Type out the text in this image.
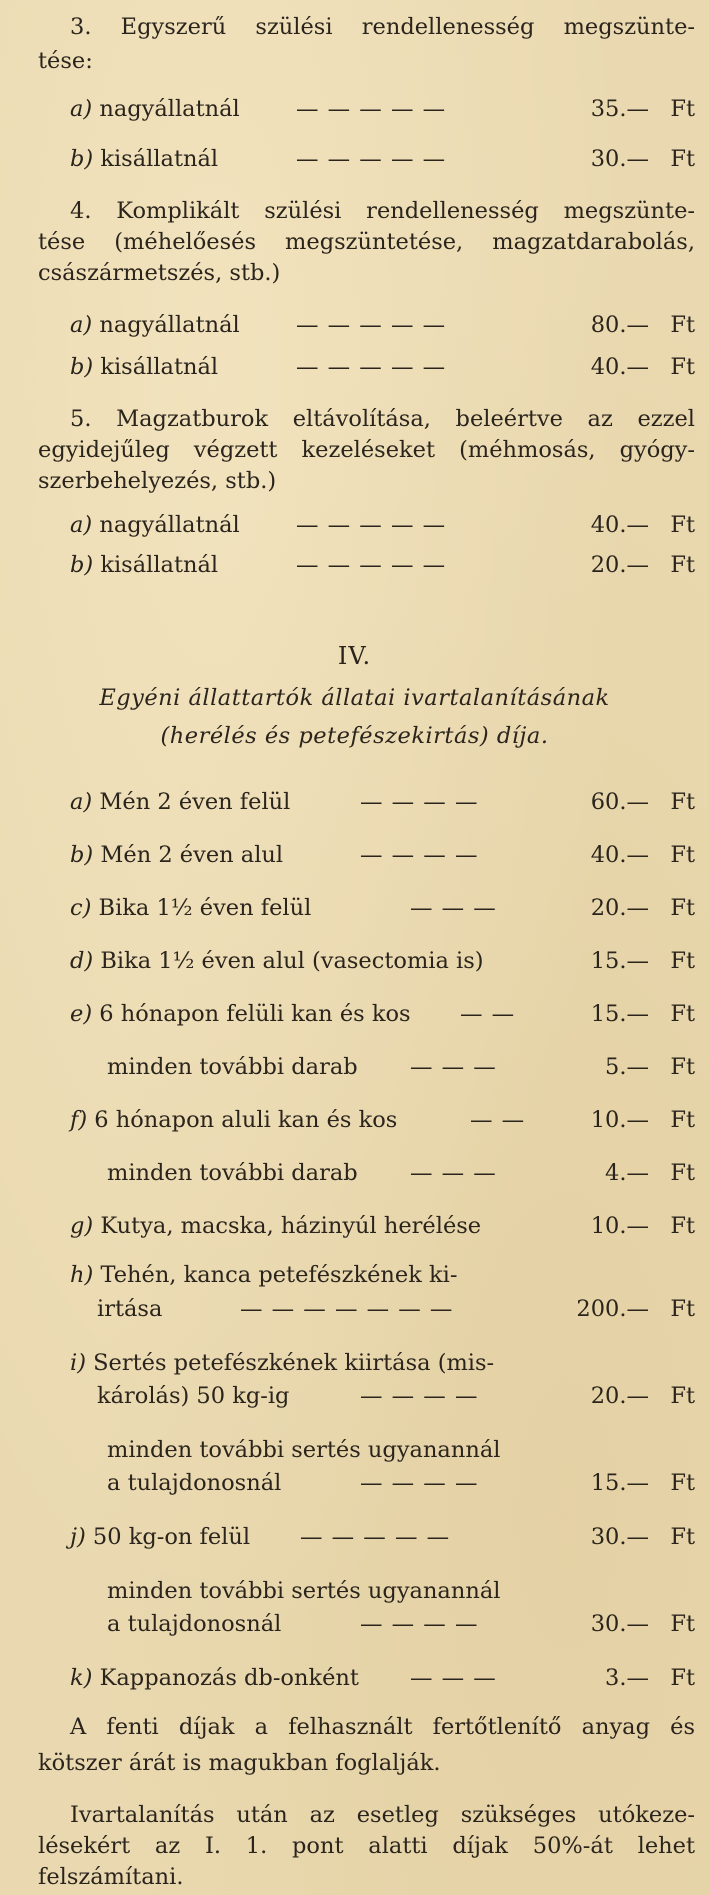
3. Egyszerű szülési rendellenesség megszünte-
tése:
a) nagyállatnál	— — — — —	35.— Ft
b) kisállatnál	— — — — —	30.— Ft
4. Komplikált szülési rendellenesség megszünte-
tése (méhelőesés megszüntetése, magzatdarabolás,
császármetszés, stb.)
a) nagyállatnál	— — — — —	80.— Ft
b) kisállatnál	— — — — —	40.— Ft
5. Magzatburok eltávolítása, beleértve az ezzel
egyidejűleg végzett kezeléseket (méhmosás, gyógy-
szerbehelyezés, stb.)
a) nagyállatnál	— — — — —	40.— Ft
b) kisállatnál	— — — — —	20.— Ft
IV.
Egyéni állattartók állatai ivartalanításának
(herélés és petefészekirtás) díja.
a) Mén 2 éven felül	— — — —	60.— Ft
b) Mén 2 éven alul	— — — —	40.— Ft
c) Bika 1½ éven felül	— — —	20.— Ft
d) Bika 1½ éven alul (vasectomia is)	15.— Ft
e) 6 hónapon felüli kan és kos — —	15.— Ft
minden további darab — — —	5.— Ft
f) 6 hónapon aluli kan és kos	— —	10.— Ft
minden további darab — — —	4.— Ft
g) Kutya, macska, házinyúl herélése	10.— Ft
h) Tehén, kanca petefészkének ki-
irtása	— — — — — — —	200.— Ft
i) Sertés petefészkének kiirtása (mis-
károlás) 50 kg-ig	— — — —	20.— Ft
minden további sertés ugyanannál
a tulajdonosnál	— — — —	15.— Ft
j) 50 kg-on felül — — — — —	30.— Ft
minden további sertés ugyanannál
a tulajdonosnál	— — — —	30.— Ft
k) Kappanozás db-onként — — —	3.— Ft
A fenti díjak a felhasznált fertőtlenítő anyag és
kötszer árát is magukban foglalják.
Ivartalanítás után az esetleg szükséges utókeze-
lésekért az I. 1. pont alatti díjak 50%-át lehet
felszámítani.
